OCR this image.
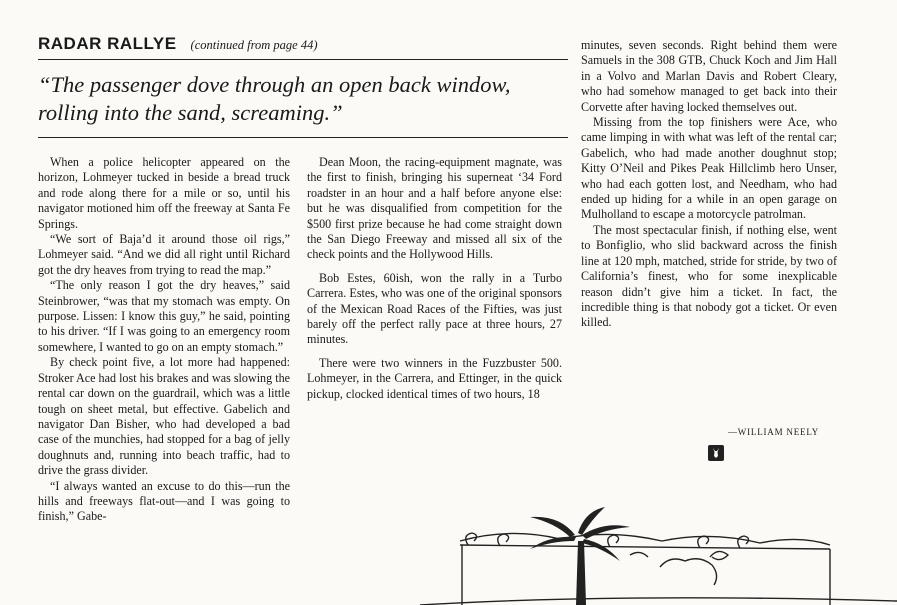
RADAR RALLYE (continued from page 44)
“The passenger dove through an open back window, rolling into the sand, screaming.”

When a police helicopter appeared on the horizon, Lohmeyer tucked in beside a bread truck and rode along there for a mile or so, until his navigator motioned him off the freeway at Santa Fe Springs.

“We sort of Baja’d it around those oil rigs,” Lohmeyer said. “And we did all right until Richard got the dry heaves from trying to read the map.”

“The only reason I got the dry heaves,” said Steinbrower, “was that my stomach was empty. On purpose. Lissen: I know this guy,” he said, pointing to his driver. “If I was going to an emergency room somewhere, I wanted to go on an empty stomach.”

By check point five, a lot more had happened: Stroker Ace had lost his brakes and was slowing the rental car down on the guardrail, which was a little tough on sheet metal, but effective. Gabelich and navigator Dan Bisher, who had developed a bad case of the munchies, had stopped for a bag of jelly doughnuts and, running into beach traffic, had to drive the grass divider.

“I always wanted an excuse to do this—run the hills and freeways flat-out—and I was going to finish,” Gabe-

Dean Moon, the racing-equipment magnate, was the first to finish, bringing his superneat ‘34 Ford roadster in an hour and a half before anyone else: but he was disqualified from competition for the $500 first prize because he had come straight down the San Diego Freeway and missed all six of the check points and the Hollywood Hills.

Bob Estes, 60ish, won the rally in a Turbo Carrera. Estes, who was one of the original sponsors of the Mexican Road Races of the Fifties, was just barely off the perfect rally pace at three hours, 27 minutes.

There were two winners in the Fuzzbuster 500. Lohmeyer, in the Carrera, and Ettinger, in the quick pickup, clocked identical times of two hours, 18

minutes, seven seconds. Right behind them were Samuels in the 308 GTB, Chuck Koch and Jim Hall in a Volvo and Marlan Davis and Robert Cleary, who had somehow managed to get back into their Corvette after having locked themselves out.

Missing from the top finishers were Ace, who came limping in with what was left of the rental car; Gabelich, who had made another doughnut stop; Kitty O’Neil and Pikes Peak Hillclimb hero Unser, who had each gotten lost, and Needham, who had ended up hiding for a while in an open garage on Mulholland to escape a motorcycle patrolman.

The most spectacular finish, if nothing else, went to Bonfiglio, who slid backward across the finish line at 120 mph, matched, stride for stride, by two of California’s finest, who for some inexplicable reason didn’t give him a ticket. In fact, the incredible thing is that nobody got a ticket. Or even killed.

—WILLIAM NEELY
